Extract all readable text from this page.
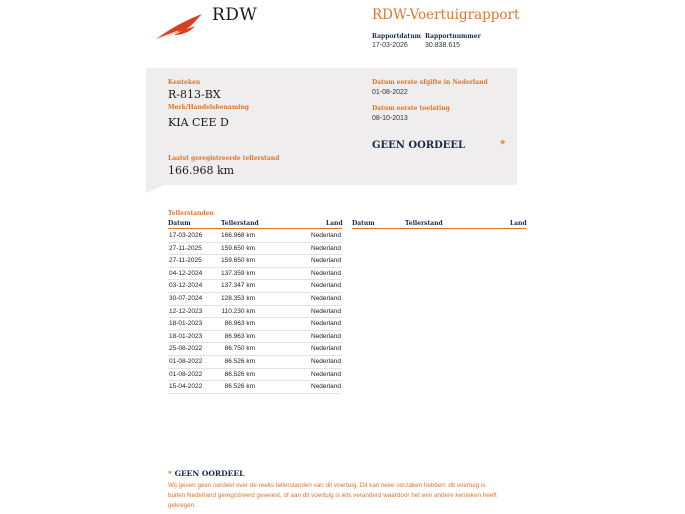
RDW	RDW-Voertuigrapport
Rapportdatum
17-03-2026
Rapportnummer
30.838.615
Kenteken
R-813-BX
Merk/Handelsbenaming
KIA CEE D
Laatst geregistreerde tellerstand
166.968 km
Datum eerste afgifte in Nederland
01-08-2022
Datum eerste toelating
08-10-2013
GEEN OORDEEL *
Tellerstanden
Datum	Tellerstand	Land Datum	Tellerstand	Land
17-03-2026	166.968 km	Nederland
27-11-2025	159.650 km	Nederland
27-11-2025	159.650 km	Nederland
04-12-2024	137.359 km	Nederland
03-12-2024	137.347 km	Nederland
30-07-2024	128.353 km	Nederland
12-12-2023	110.230 km	Nederland
18-01-2023	86.963 km	Nederland
18-01-2023	86.963 km	Nederland
25-08-2022	86.750 km	Nederland
01-08-2022	86.526 km	Nederland
01-08-2022	86.526 km	Nederland
15-04-2022	86.526 km	Nederland
* GEEN OORDEEL
Wij geven geen oordeel over de reeks tellerstanden van dit voertuig. Dit kan twee oorzaken hebben: dit voertuig is buiten Nederland geregistreerd geweest, of aan dit voertuig is iets veranderd waardoor het een andere kenteken heeft gekregen.
